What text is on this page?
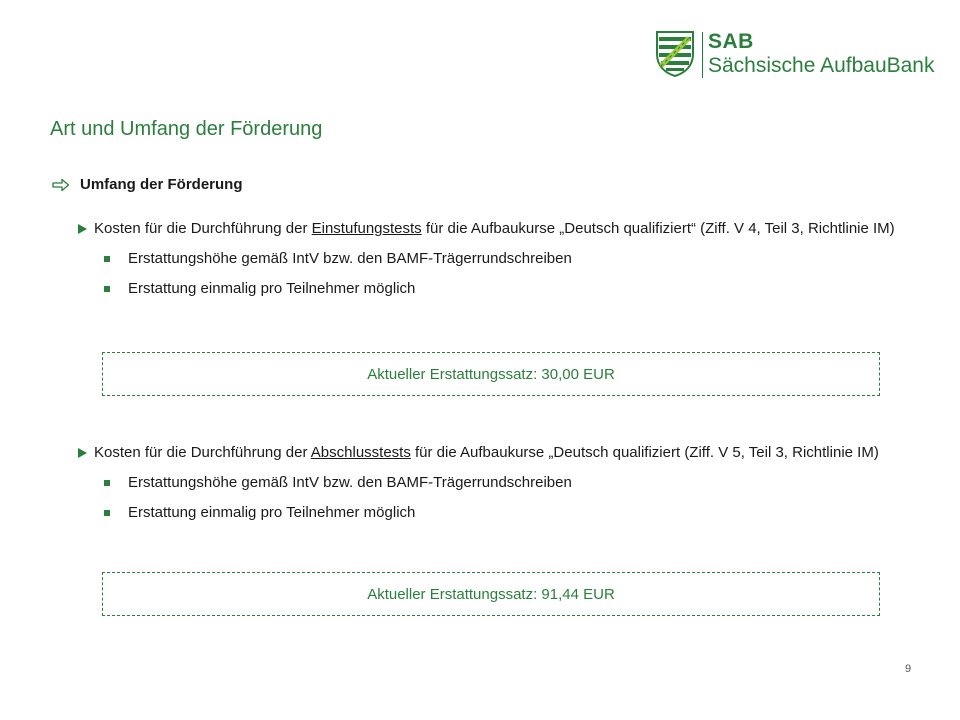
SAB
Sächsische AufbauBank
Art und Umfang der Förderung
Umfang der Förderung
Kosten für die Durchführung der Einstufungstests für die Aufbaukurse „Deutsch qualifiziert“ (Ziff. V 4, Teil 3, Richtlinie IM)
Erstattungshöhe gemäß IntV bzw. den BAMF-Trägerrundschreiben
Erstattung einmalig pro Teilnehmer möglich
Aktueller Erstattungssatz: 30,00 EUR
Kosten für die Durchführung der Abschlusstests für die Aufbaukurse „Deutsch qualifiziert (Ziff. V 5, Teil 3, Richtlinie IM)
Erstattungshöhe gemäß IntV bzw. den BAMF-Trägerrundschreiben
Erstattung einmalig pro Teilnehmer möglich
Aktueller Erstattungssatz: 91,44 EUR
9
